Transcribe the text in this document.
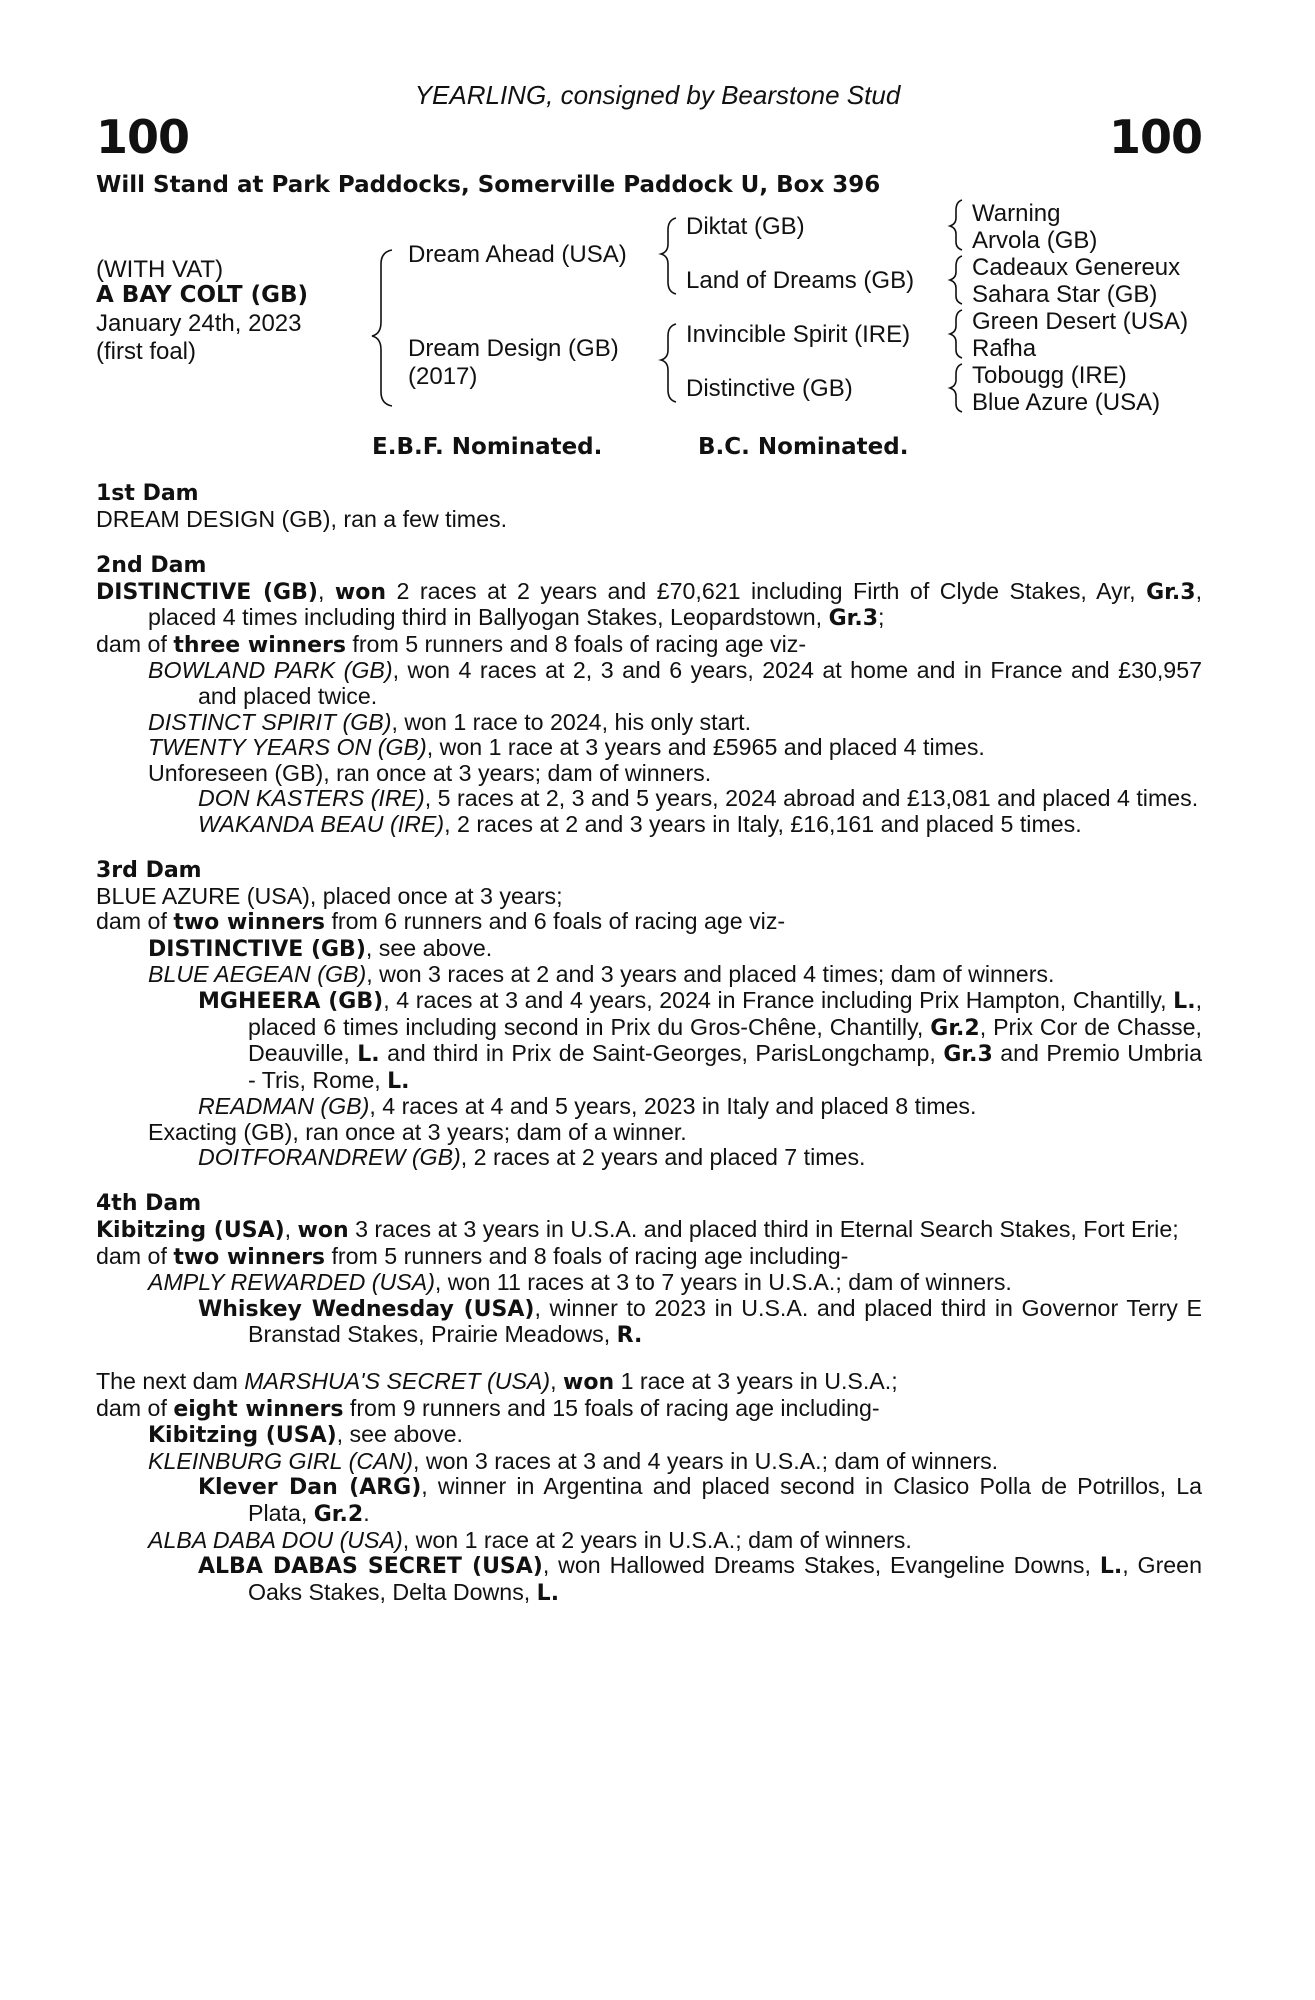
YEARLING, consigned by Bearstone Stud
100	100
Will Stand at Park Paddocks, Somerville Paddock U, Box 396
(WITH VAT)
A BAY COLT (GB)
January 24th, 2023
(first foal)
Dream Ahead (USA)
Dream Design (GB)
(2017)
Diktat (GB)
Land of Dreams (GB)
Invincible Spirit (IRE)
Distinctive (GB)
Warning
Arvola (GB)
Cadeaux Genereux
Sahara Star (GB)
Green Desert (USA)
Rafha
Tobougg (IRE)
Blue Azure (USA)
E.B.F. Nominated.	B.C. Nominated.
1st Dam
DREAM DESIGN (GB), ran a few times.
2nd Dam
DISTINCTIVE (GB), won 2 races at 2 years and £70,621 including Firth of Clyde Stakes, Ayr, Gr.3, placed 4 times including third in Ballyogan Stakes, Leopardstown, Gr.3;
dam of three winners from 5 runners and 8 foals of racing age viz-
BOWLAND PARK (GB), won 4 races at 2, 3 and 6 years, 2024 at home and in France and £30,957 and placed twice.
DISTINCT SPIRIT (GB), won 1 race to 2024, his only start.
TWENTY YEARS ON (GB), won 1 race at 3 years and £5965 and placed 4 times.
Unforeseen (GB), ran once at 3 years; dam of winners.
DON KASTERS (IRE), 5 races at 2, 3 and 5 years, 2024 abroad and £13,081 and placed 4 times.
WAKANDA BEAU (IRE), 2 races at 2 and 3 years in Italy, £16,161 and placed 5 times.
3rd Dam
BLUE AZURE (USA), placed once at 3 years;
dam of two winners from 6 runners and 6 foals of racing age viz-
DISTINCTIVE (GB), see above.
BLUE AEGEAN (GB), won 3 races at 2 and 3 years and placed 4 times; dam of winners.
MGHEERA (GB), 4 races at 3 and 4 years, 2024 in France including Prix Hampton, Chantilly, L., placed 6 times including second in Prix du Gros-Chêne, Chantilly, Gr.2, Prix Cor de Chasse, Deauville, L. and third in Prix de Saint-Georges, ParisLongchamp, Gr.3 and Premio Umbria - Tris, Rome, L.
READMAN (GB), 4 races at 4 and 5 years, 2023 in Italy and placed 8 times.
Exacting (GB), ran once at 3 years; dam of a winner.
DOITFORANDREW (GB), 2 races at 2 years and placed 7 times.
4th Dam
Kibitzing (USA), won 3 races at 3 years in U.S.A. and placed third in Eternal Search Stakes, Fort Erie;
dam of two winners from 5 runners and 8 foals of racing age including-
AMPLY REWARDED (USA), won 11 races at 3 to 7 years in U.S.A.; dam of winners.
Whiskey Wednesday (USA), winner to 2023 in U.S.A. and placed third in Governor Terry E Branstad Stakes, Prairie Meadows, R.
The next dam MARSHUA'S SECRET (USA), won 1 race at 3 years in U.S.A.;
dam of eight winners from 9 runners and 15 foals of racing age including-
Kibitzing (USA), see above.
KLEINBURG GIRL (CAN), won 3 races at 3 and 4 years in U.S.A.; dam of winners.
Klever Dan (ARG), winner in Argentina and placed second in Clasico Polla de Potrillos, La Plata, Gr.2.
ALBA DABA DOU (USA), won 1 race at 2 years in U.S.A.; dam of winners.
ALBA DABAS SECRET (USA), won Hallowed Dreams Stakes, Evangeline Downs, L., Green Oaks Stakes, Delta Downs, L.
